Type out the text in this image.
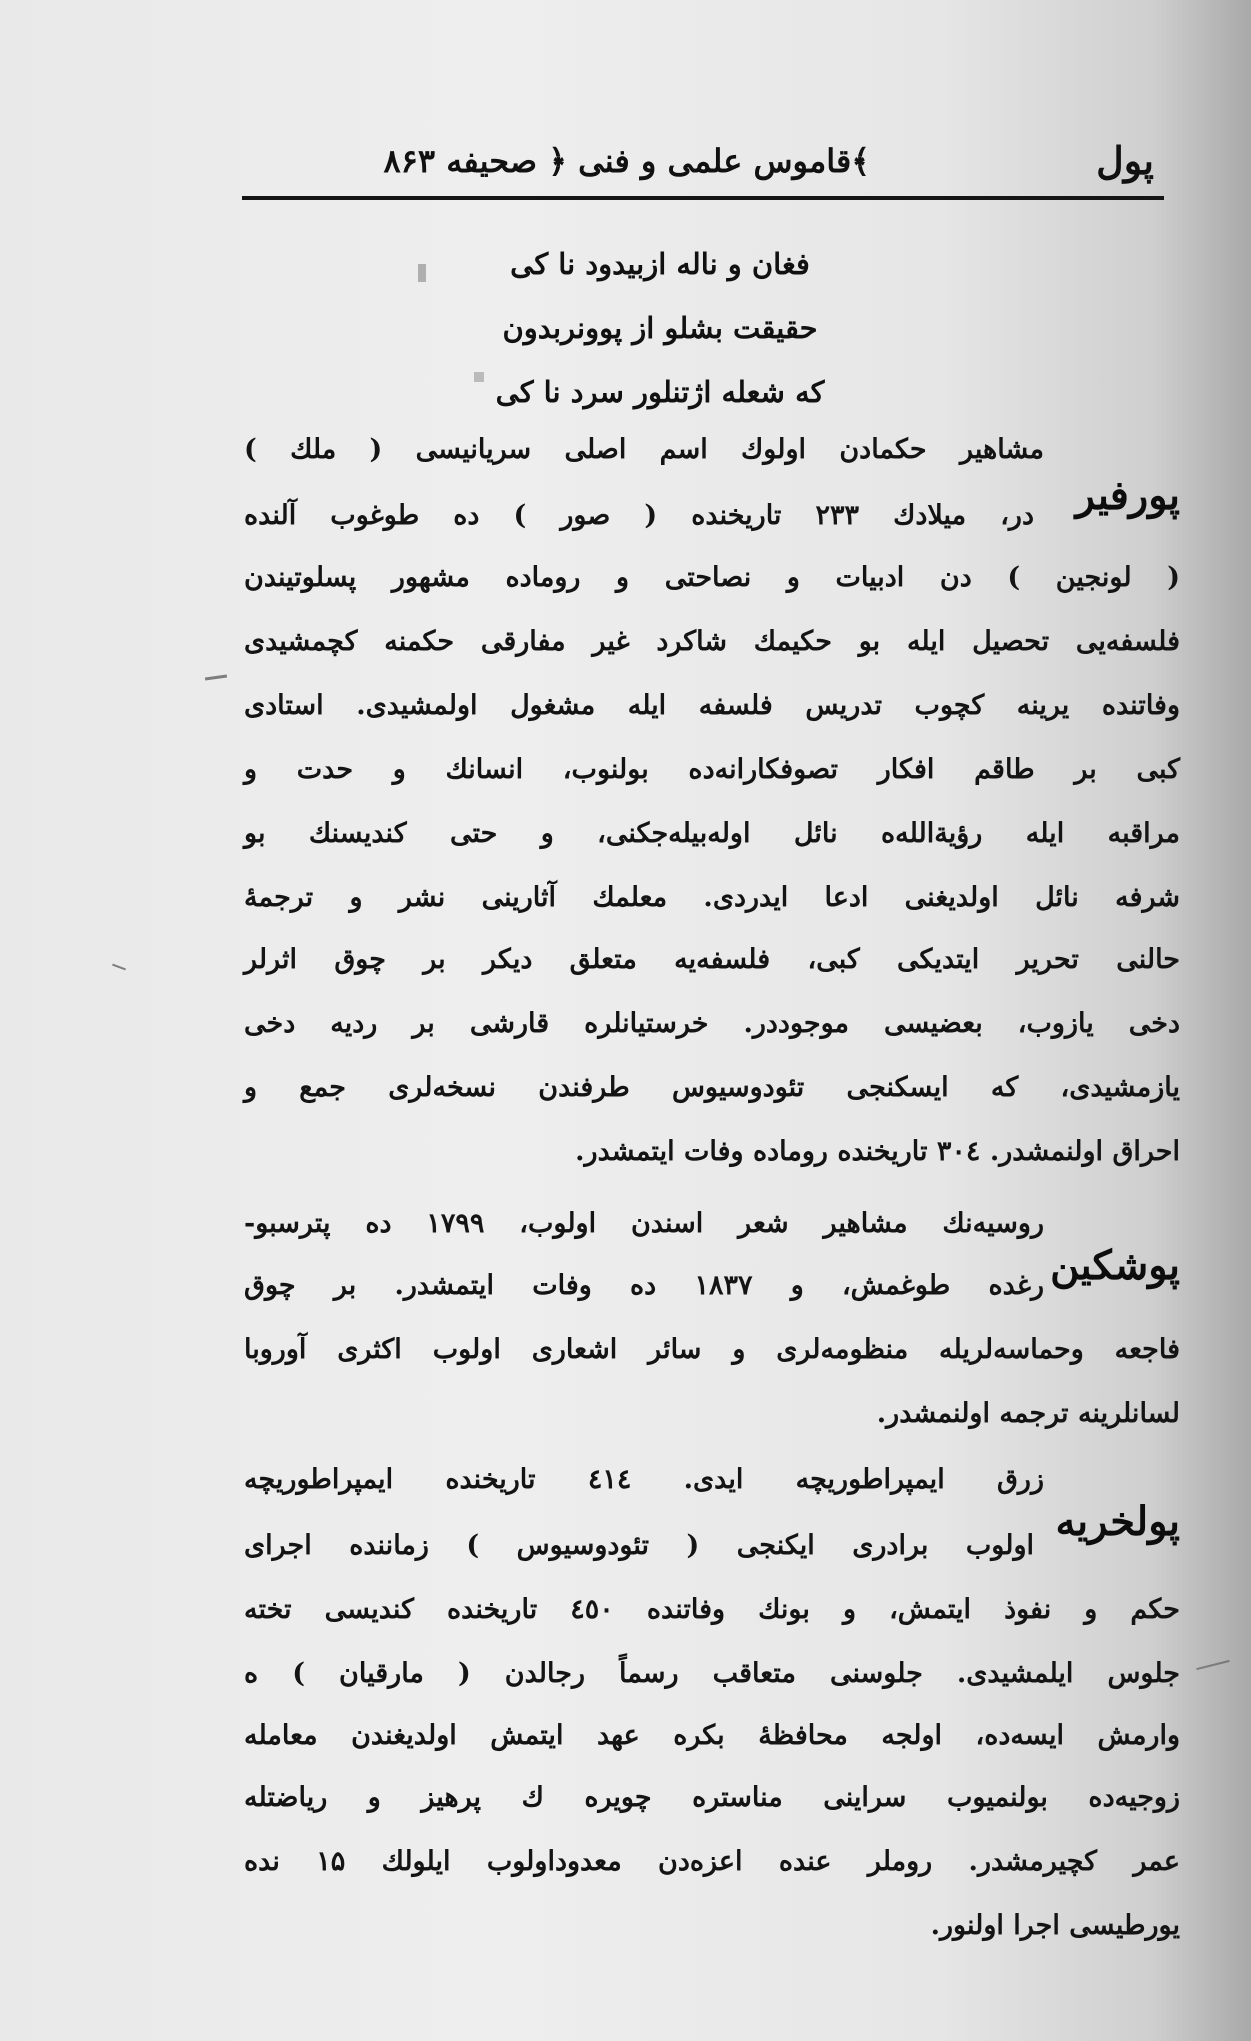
پول
﴾قاموس علمى و فنى ﴿ صحيفه ۸۶۳
فغان و ناله ازبيدود نا كى
حقيقت بشلو از پوونربدون
كه شعله اژتنلور سرد نا كى
پورفير
مشاهير حكمادن اولوك اسم اصلى سريانيسى ( ملك )
در، ميلادك ۲۳۳ تاريخنده ( صور ) ده طوغوب آلنده
( لونجين ) دن ادبيات و نصاحتى و روماده مشهور پسلوتيندن
فلسفه‌يى تحصيل ايله بو حكيمك شاكرد غير مفارقى حكمنه كچمشيدى
وفاتنده يرينه كچوب تدريس فلسفه ايله مشغول اولمشيدى. استادى
كبى بر طاقم افكار تصوفكارانه‌ده بولنوب، انسانك و حدت و
مراقبه ايله رؤية‌الله‌ه نائل اوله‌بيله‌جكنى، و حتى كنديسنك بو
شرفه نائل اولديغنى ادعا ايدردى. معلمك آثارينى نشر و ترجمهٔ
حالنى تحرير ايتديكى كبى، فلسفه‌يه متعلق ديكر بر چوق اثرلر
دخى يازوب، بعضيسى موجوددر. خرستيانلره قارشى بر رديه دخى
يازمشيدى، كه ايسكنجى تئودوسيوس طرفندن نسخه‌لرى جمع و
احراق اولنمشدر. ۳۰٤ تاريخنده روماده وفات ايتمشدر.
پوشكين
روسيه‌نك مشاهير شعر اسندن اولوب، ۱۷۹۹ ده پترسبو-
رغده طوغمش، و ۱۸۳۷ ده وفات ايتمشدر. بر چوق
فاجعه وحماسه‌لريله منظومه‌لرى و سائر اشعارى اولوب اكثرى آوروبا
لسانلرينه ترجمه اولنمشدر.
پولخريه
زرق ايمپراطوريچه ايدى. ٤١٤ تاريخنده ايمپراطوريچه
اولوب برادرى ايكنجى ( تئودوسيوس ) زماننده اجراى
حكم و نفوذ ايتمش، و بونك وفاتنده ٤٥٠ تاريخنده كنديسى تخته
جلوس ايلمشيدى. جلوسنى متعاقب رسماً رجالدن ( مارقيان ) ه
وارمش ايسه‌ده، اولجه محافظهٔ بكره عهد ايتمش اولديغندن معامله
زوجيه‌ده بولنميوب سراينى مناستره چويره ك پرهيز و رياضتله
عمر كچيرمشدر. روملر عنده اعزه‌دن معدوداولوب ايلولك ۱۵ نده
يورطيسى اجرا اولنور.
